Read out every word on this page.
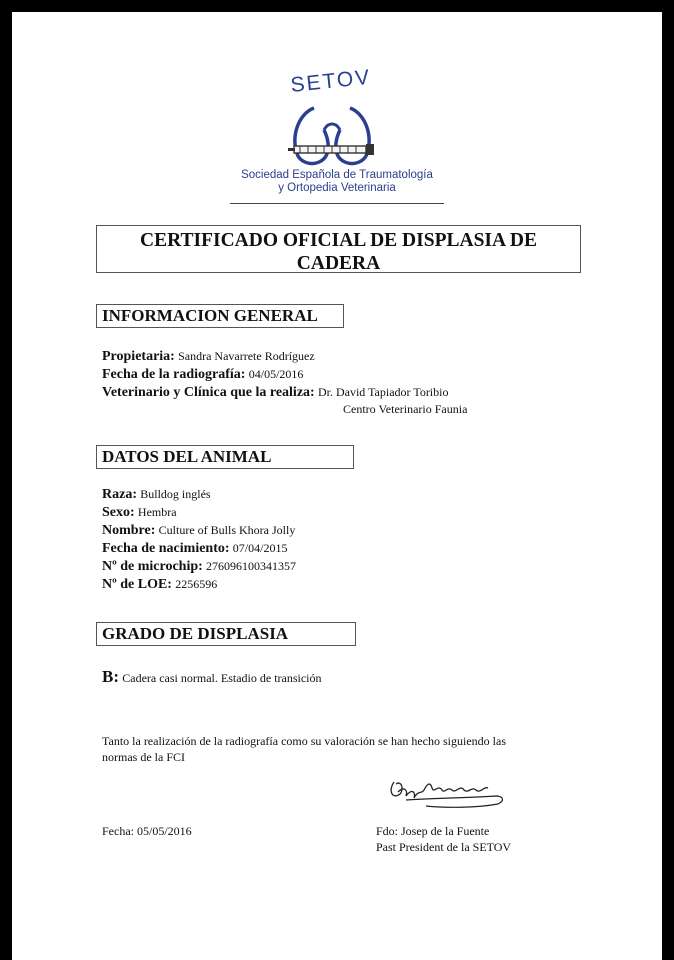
SETOV
Sociedad Española de Traumatología
y Ortopedia Veterinaria
CERTIFICADO OFICIAL DE DISPLASIA DE
CADERA
INFORMACION GENERAL
Propietaria: Sandra Navarrete Rodríguez
Fecha de la radiografía: 04/05/2016
Veterinario y Clínica que la realiza: Dr. David Tapiador Toribio
Centro Veterinario Faunia
DATOS DEL ANIMAL
Raza: Bulldog inglés
Sexo: Hembra
Nombre: Culture of Bulls Khora Jolly
Fecha de nacimiento: 07/04/2015
Nº de microchip: 276096100341357
Nº de LOE: 2256596
GRADO DE DISPLASIA
B: Cadera casi normal. Estadio de transición
Tanto la realización de la radiografía como su valoración se han hecho siguiendo las
normas de la FCI
Fecha: 05/05/2016	Fdo: Josep de la Fuente
Past President de la SETOV
